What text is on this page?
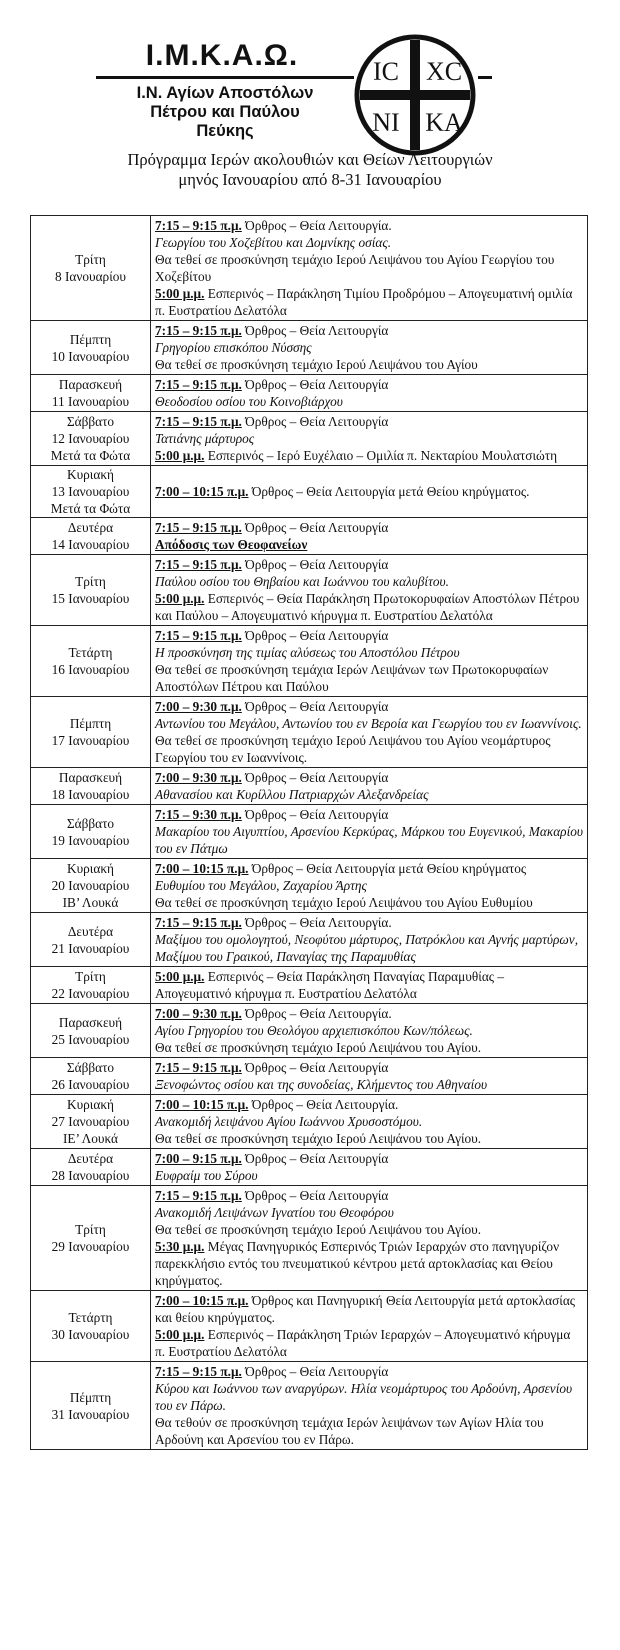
Ι.Μ.Κ.Α.Ω.
Ι.Ν. Αγίων Αποστόλων
Πέτρου και Παύλου
Πεύκης
ΙC ΧC
ΝΙ ΚΑ
Πρόγραμμα Ιερών ακολουθιών και Θείων Λειτουργιών
μηνός Ιανουαρίου από 8-31 Ιανουαρίου
Τρίτη
8 Ιανουαρίου	7:15 – 9:15 π.μ. Όρθρος – Θεία Λειτουργία.
Γεωργίου του Χοζεβίτου και Δομνίκης οσίας.
Θα τεθεί σε προσκύνηση τεμάχιο Ιερού Λειψάνου του Αγίου Γεωργίου του Χοζεβίτου
5:00 μ.μ. Εσπερινός – Παράκληση Τιμίου Προδρόμου – Απογευματινή ομιλία π. Ευστρατίου Δελατόλα

Πέμπτη
10 Ιανουαρίου	7:15 – 9:15 π.μ. Όρθρος – Θεία Λειτουργία
Γρηγορίου επισκόπου Νύσσης
Θα τεθεί σε προσκύνηση τεμάχιο Ιερού Λειψάνου του Αγίου

Παρασκευή
11 Ιανουαρίου	7:15 – 9:15 π.μ. Όρθρος – Θεία Λειτουργία
Θεοδοσίου οσίου του Κοινοβιάρχου

Σάββατο
12 Ιανουαρίου
Μετά τα Φώτα	7:15 – 9:15 π.μ. Όρθρος – Θεία Λειτουργία
Τατιάνης μάρτυρος
5:00 μ.μ. Εσπερινός – Ιερό Ευχέλαιο – Ομιλία π. Νεκταρίου Μουλατσιώτη

Κυριακή
13 Ιανουαρίου
Μετά τα Φώτα	7:00 – 10:15 π.μ. Όρθρος – Θεία Λειτουργία μετά Θείου κηρύγματος.

Δευτέρα
14 Ιανουαρίου	7:15 – 9:15 π.μ. Όρθρος – Θεία Λειτουργία
Απόδοσις των Θεοφανείων

Τρίτη
15 Ιανουαρίου	7:15 – 9:15 π.μ. Όρθρος – Θεία Λειτουργία
Παύλου οσίου του Θηβαίου και Ιωάννου του καλυβίτου.
5:00 μ.μ. Εσπερινός – Θεία Παράκληση Πρωτοκορυφαίων Αποστόλων Πέτρου και Παύλου – Απογευματινό κήρυγμα π. Ευστρατίου Δελατόλα

Τετάρτη
16 Ιανουαρίου	7:15 – 9:15 π.μ. Όρθρος – Θεία Λειτουργία
Η προσκύνηση της τιμίας αλύσεως του Αποστόλου Πέτρου
Θα τεθεί σε προσκύνηση τεμάχια Ιερών Λειψάνων των Πρωτοκορυφαίων Αποστόλων Πέτρου και Παύλου

Πέμπτη
17 Ιανουαρίου	7:00 – 9:30 π.μ. Όρθρος – Θεία Λειτουργία
Αντωνίου του Μεγάλου, Αντωνίου του εν Βεροία και Γεωργίου του εν Ιωαννίνοις.
Θα τεθεί σε προσκύνηση τεμάχιο Ιερού Λειψάνου του Αγίου νεομάρτυρος Γεωργίου του εν Ιωαννίνοις.

Παρασκευή
18 Ιανουαρίου	7:00 – 9:30 π.μ. Όρθρος – Θεία Λειτουργία
Αθανασίου και Κυρίλλου Πατριαρχών Αλεξανδρείας

Σάββατο
19 Ιανουαρίου	7:15 – 9:30 π.μ. Όρθρος – Θεία Λειτουργία
Μακαρίου του Αιγυπτίου, Αρσενίου Κερκύρας, Μάρκου του Ευγενικού, Μακαρίου του εν Πάτμω

Κυριακή
20 Ιανουαρίου
ΙΒ’ Λουκά	7:00 – 10:15 π.μ. Όρθρος – Θεία Λειτουργία μετά Θείου κηρύγματος
Ευθυμίου του Μεγάλου, Ζαχαρίου Άρτης
Θα τεθεί σε προσκύνηση τεμάχιο Ιερού Λειψάνου του Αγίου Ευθυμίου

Δευτέρα
21 Ιανουαρίου	7:15 – 9:15 π.μ. Όρθρος – Θεία Λειτουργία.
Μαξίμου του ομολογητού, Νεοφύτου μάρτυρος, Πατρόκλου και Αγνής μαρτύρων, Μαξίμου του Γραικού, Παναγίας της Παραμυθίας

Τρίτη
22 Ιανουαρίου	5:00 μ.μ. Εσπερινός – Θεία Παράκληση Παναγίας Παραμυθίας – Απογευματινό κήρυγμα π. Ευστρατίου Δελατόλα

Παρασκευή
25 Ιανουαρίου	7:00 – 9:30 π.μ. Όρθρος – Θεία Λειτουργία.
Αγίου Γρηγορίου του Θεολόγου αρχιεπισκόπου Κων/πόλεως.
Θα τεθεί σε προσκύνηση τεμάχιο Ιερού Λειψάνου του Αγίου.

Σάββατο
26 Ιανουαρίου	7:15 – 9:15 π.μ. Όρθρος – Θεία Λειτουργία
Ξενοφώντος οσίου και της συνοδείας, Κλήμεντος του Αθηναίου

Κυριακή
27 Ιανουαρίου
ΙΕ’ Λουκά	7:00 – 10:15 π.μ. Όρθρος – Θεία Λειτουργία.
Ανακομιδή λειψάνου Αγίου Ιωάννου Χρυσοστόμου.
Θα τεθεί σε προσκύνηση τεμάχιο Ιερού Λειψάνου του Αγίου.

Δευτέρα
28 Ιανουαρίου	7:00 – 9:15 π.μ. Όρθρος – Θεία Λειτουργία
Ευφραίμ του Σύρου

Τρίτη
29 Ιανουαρίου	7:15 – 9:15 π.μ. Όρθρος – Θεία Λειτουργία
Ανακομιδή Λειψάνων Ιγνατίου του Θεοφόρου
Θα τεθεί σε προσκύνηση τεμάχιο Ιερού Λειψάνου του Αγίου.
5:30 μ.μ. Μέγας Πανηγυρικός Εσπερινός Τριών Ιεραρχών στο πανηγυρίζον παρεκκλήσιο εντός του πνευματικού κέντρου μετά αρτοκλασίας και Θείου κηρύγματος.

Τετάρτη
30 Ιανουαρίου	7:00 – 10:15 π.μ. Όρθρος και Πανηγυρική Θεία Λειτουργία μετά αρτοκλασίας και θείου κηρύγματος.
5:00 μ.μ. Εσπερινός – Παράκληση Τριών Ιεραρχών – Απογευματινό κήρυγμα π. Ευστρατίου Δελατόλα

Πέμπτη
31 Ιανουαρίου	7:15 – 9:15 π.μ. Όρθρος – Θεία Λειτουργία
Κύρου και Ιωάννου των αναργύρων. Ηλία νεομάρτυρος του Αρδούνη, Αρσενίου του εν Πάρω.
Θα τεθούν σε προσκύνηση τεμάχια Ιερών λειψάνων των Αγίων Ηλία του Αρδούνη και Αρσενίου του εν Πάρω.
